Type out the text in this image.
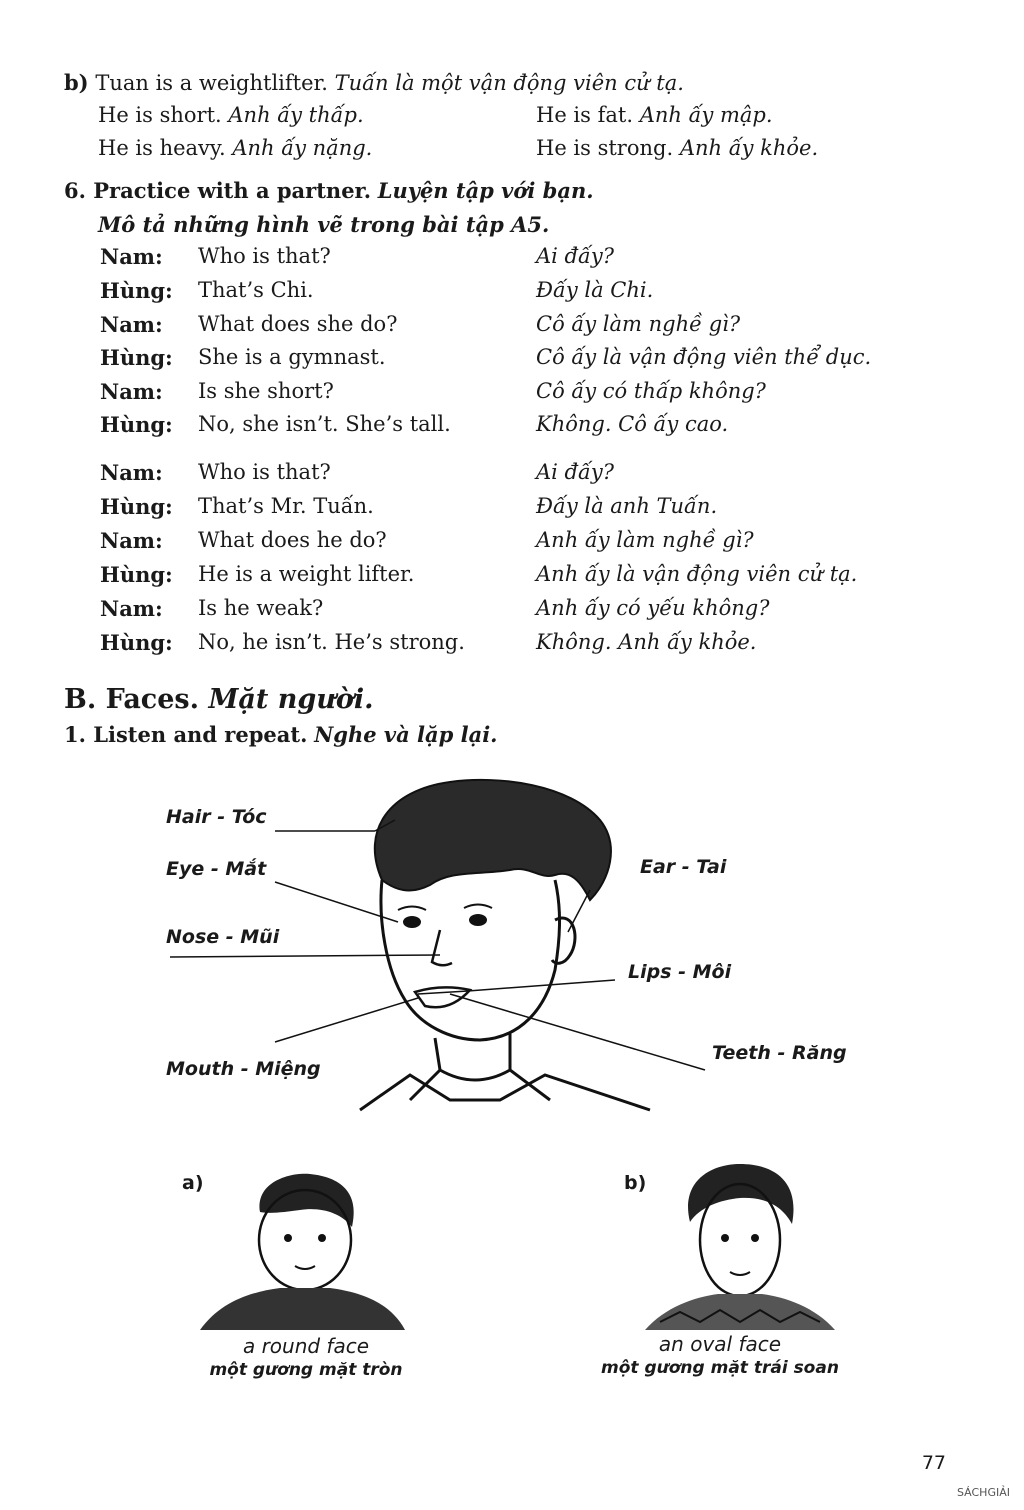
b) Tuan is a weightlifter. Tuấn là một vận động viên cử tạ.
He is short. Anh ấy thấp.	He is fat. Anh ấy mập.
He is heavy. Anh ấy nặng.	He is strong. Anh ấy khỏe.
6. Practice with a partner. Luyện tập với bạn.
Mô tả những hình vẽ trong bài tập A5.
Nam: Who is that?	Ai đấy?
Hùng: That’s Chi.	Đấy là Chi.
Nam: What does she do?	Cô ấy làm nghề gì?
Hùng: She is a gymnast.	Cô ấy là vận động viên thể dục.
Nam: Is she short?	Cô ấy có thấp không?
Hùng: No, she isn’t. She’s tall.	Không. Cô ấy cao.
Nam: Who is that?	Ai đấy?
Hùng: That’s Mr. Tuấn.	Đấy là anh Tuấn.
Nam: What does he do?	Anh ấy làm nghề gì?
Hùng: He is a weight lifter.	Anh ấy là vận động viên cử tạ.
Nam: Is he weak?	Anh ấy có yếu không?
Hùng: No, he isn’t. He’s strong.	Không. Anh ấy khỏe.
B. Faces. Mặt người.
1. Listen and repeat. Nghe và lặp lại.
Hair - Tóc
Eye - Mắt
Nose - Mũi
Mouth - Miệng
Ear - Tai
Lips - Môi
Teeth - Răng
a)
a round face
một gương mặt tròn
b)
an oval face
một gương mặt trái soan
77
SÁCHGIẢI
